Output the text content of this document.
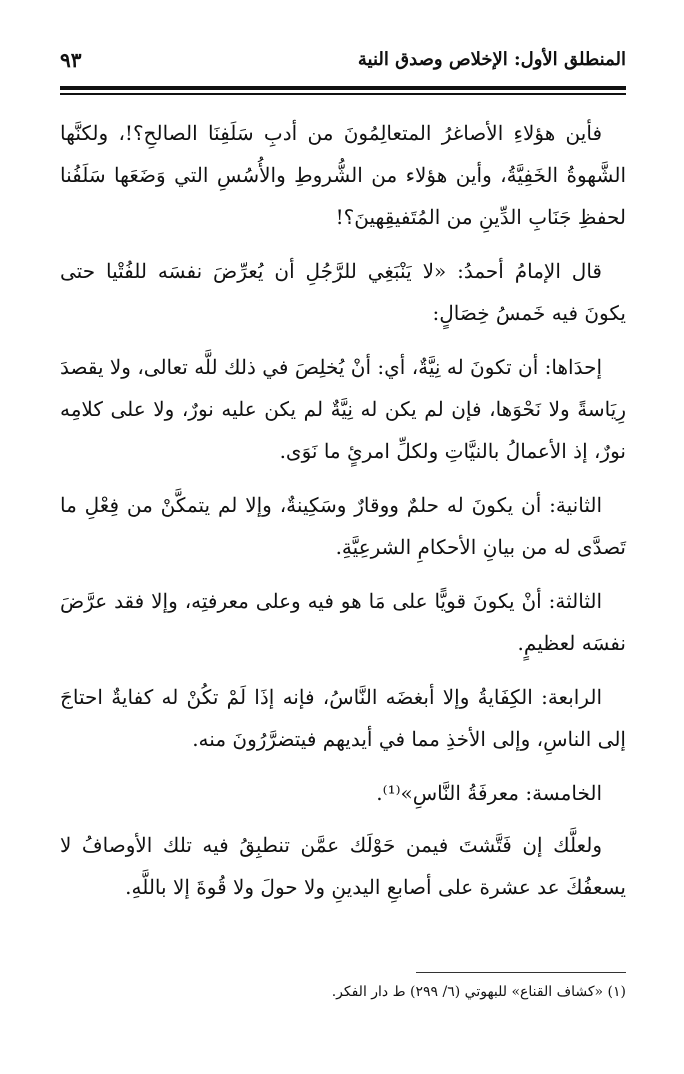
المنطلق الأول: الإخلاص وصدق النية
٩٣

فأين هؤلاءِ الأصاغرُ المتعالِمُونَ من أدبِ سَلَفِنَا الصالحِ؟!، ولكنَّها الشَّهوةُ الخَفِيَّةُ، وأين هؤلاء من الشُّروطِ والأُسُسِ التي وَضَعَها سَلَفُنا لحفظِ جَنَابِ الدِّينِ من المُتَفيقِهينَ؟!

قال الإمامُ أحمدُ: «لا يَنْبَغِي للرَّجُلِ أن يُعرِّضَ نفسَه للفُتْيا حتى يكونَ فيه خَمسُ خِصَالٍ:

إحدَاها: أن تكونَ له نِيَّةٌ، أي: أنْ يُخلِصَ في ذلك للَّه تعالى، ولا يقصدَ رِيَاسةً ولا نَحْوَها، فإن لم يكن له نِيَّةٌ لم يكن عليه نورٌ، ولا على كلامِه نورٌ، إذ الأعمالُ بالنيَّاتِ ولكلِّ امرئٍ ما نَوَى.

الثانية: أن يكونَ له حلمٌ ووقارٌ وسَكِينةٌ، وإلا لم يتمكَّنْ من فِعْلِ ما تَصدَّى له من بيانِ الأحكامِ الشرعِيَّةِ.

الثالثة: أنْ يكونَ قويًّا على مَا هو فيه وعلى معرفتِه، وإلا فقد عرَّضَ نفسَه لعظيمٍ.

الرابعة: الكِفَايةُ وإلا أبغضَه النَّاسُ، فإنه إذَا لَمْ تكُنْ له كفايةٌ احتاجَ إلى الناسِ، وإلى الأخذِ مما في أيديهم فيتضرَّرُونَ منه.

الخامسة: معرفَةُ النَّاسِ»⁽¹⁾.

ولعلَّك إن فَتَّشتَ فيمن حَوْلَك عمَّن تنطبِقُ فيه تلك الأوصافُ لا يسعفُكَ عد عشرة على أصابعِ اليدينِ ولا حولَ ولا قُوةَ إلا باللَّهِ.

(١) «كشاف القناع» للبهوتي (٦/ ٢٩٩) ط دار الفكر.
